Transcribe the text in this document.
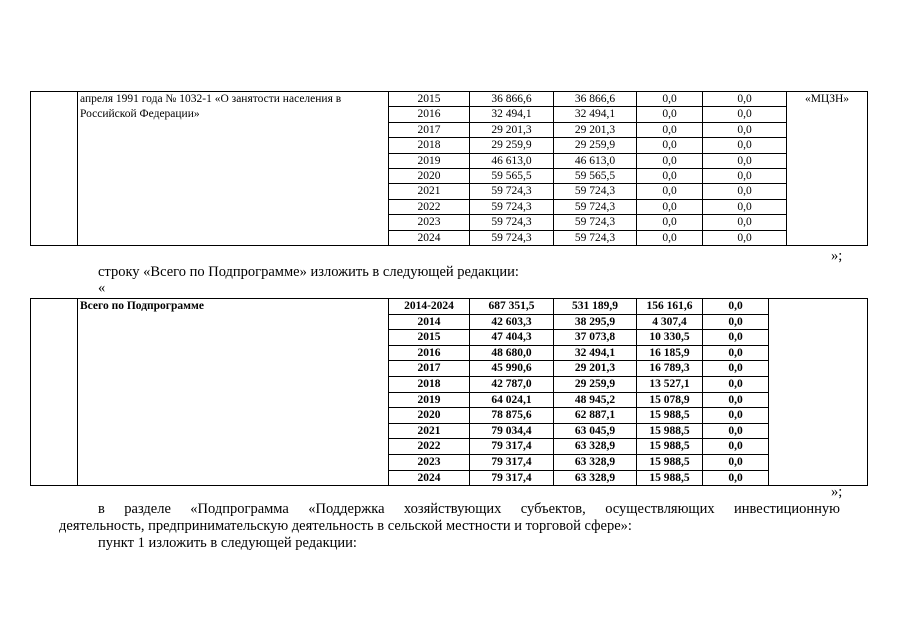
	апреля 1991 года № 1032-1 «О занятости населения в Российской Федерации»	2015	36 866,6	36 866,6	0,0	0,0	«МЦЗН»
		2016	32 494,1	32 494,1	0,0	0,0	
		2017	29 201,3	29 201,3	0,0	0,0	
		2018	29 259,9	29 259,9	0,0	0,0	
		2019	46 613,0	46 613,0	0,0	0,0	
		2020	59 565,5	59 565,5	0,0	0,0	
		2021	59 724,3	59 724,3	0,0	0,0	
		2022	59 724,3	59 724,3	0,0	0,0	
		2023	59 724,3	59 724,3	0,0	0,0	
		2024	59 724,3	59 724,3	0,0	0,0	
»;
строку «Всего по Подпрограмме» изложить в следующей редакции:
«
	Всего по Подпрограмме	2014-2024	687 351,5	531 189,9	156 161,6	0,0	
		2014	42 603,3	38 295,9	4 307,4	0,0	
		2015	47 404,3	37 073,8	10 330,5	0,0	
		2016	48 680,0	32 494,1	16 185,9	0,0	
		2017	45 990,6	29 201,3	16 789,3	0,0	
		2018	42 787,0	29 259,9	13 527,1	0,0	
		2019	64 024,1	48 945,2	15 078,9	0,0	
		2020	78 875,6	62 887,1	15 988,5	0,0	
		2021	79 034,4	63 045,9	15 988,5	0,0	
		2022	79 317,4	63 328,9	15 988,5	0,0	
		2023	79 317,4	63 328,9	15 988,5	0,0	
		2024	79 317,4	63 328,9	15 988,5	0,0	
»;
в разделе «Подпрограмма «Поддержка хозяйствующих субъектов, осуществляющих инвестиционную
деятельность, предпринимательскую деятельность в сельской местности и торговой сфере»:
пункт 1 изложить в следующей редакции:
